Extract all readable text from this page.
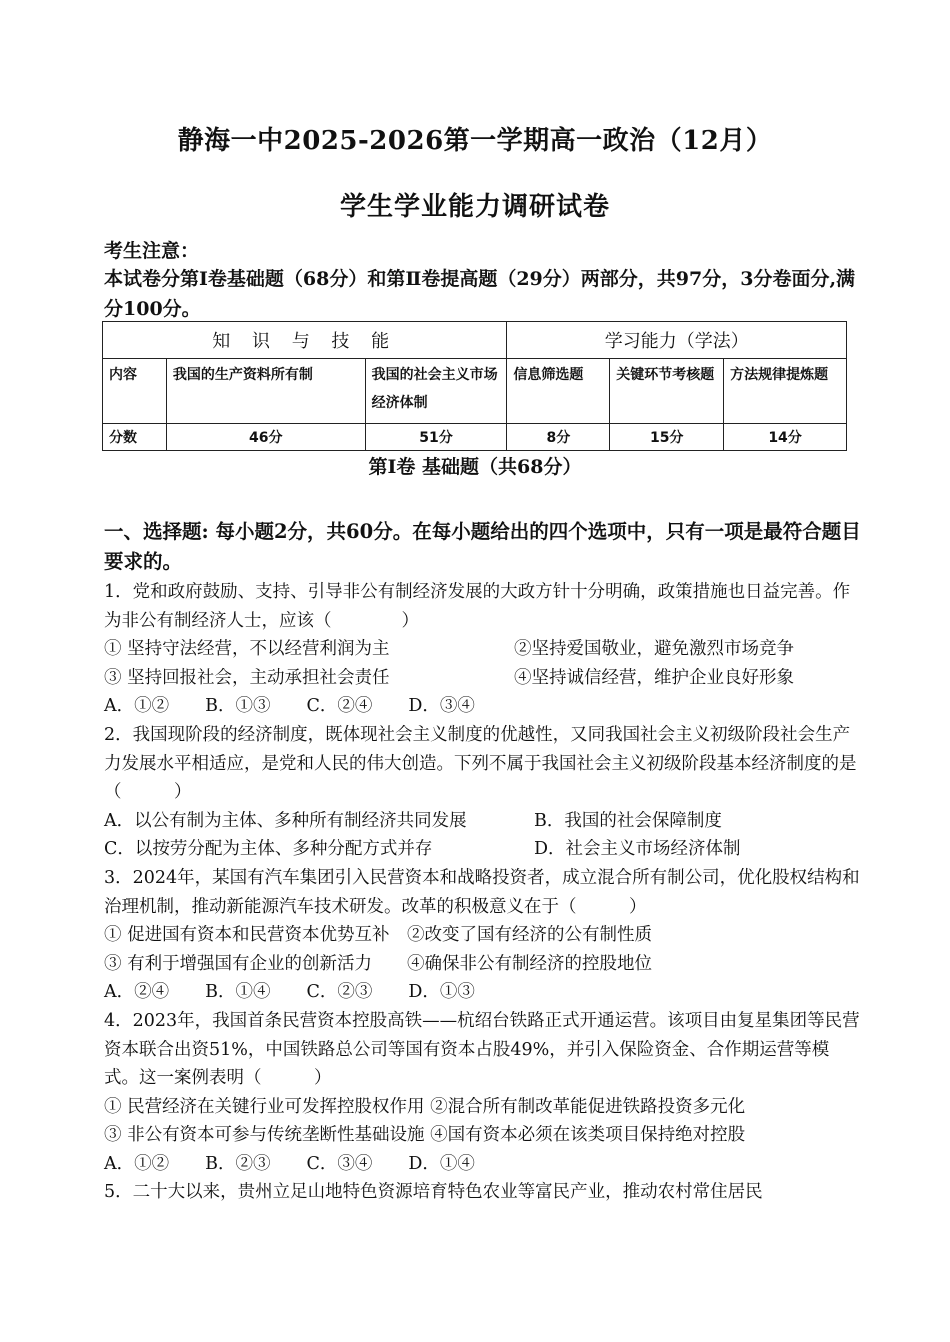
静海一中2025-2026第一学期高一政治（12月）
学生学业能力调研试卷
考生注意：
本试卷分第Ⅰ卷基础题（68分）和第Ⅱ卷提高题（29分）两部分，共97分，3分卷面分,满分100分。
知 识 与 技 能			学习能力（学法）		
内容	我国的生产资料所有制	我国的社会主义市场经济体制	信息筛选题	关键环节考核题	方法规律提炼题
分数	46分	51分	8分	15分	14分
第Ⅰ卷 基础题（共68分）
一、选择题: 每小题2分，共60分。在每小题给出的四个选项中，只有一项是最符合题目要求的。

1．党和政府鼓励、支持、引导非公有制经济发展的大政方针十分明确，政策措施也日益完善。作为非公有制经济人士，应该（　　　　）

① 坚持守法经营，不以经营利润为主	②坚持爱国敬业，避免激烈市场竞争
③ 坚持回报社会，主动承担社会责任	④坚持诚信经营，维护企业良好形象

A．①② B．①③ C．②④ D．③④

2．我国现阶段的经济制度，既体现社会主义制度的优越性，又同我国社会主义初级阶段社会生产力发展水平相适应，是党和人民的伟大创造。下列不属于我国社会主义初级阶段基本经济制度的是（　　　）

A．以公有制为主体、多种所有制经济共同发展	B．我国的社会保障制度
C．以按劳分配为主体、多种分配方式并存	D．社会主义市场经济体制

3．2024年，某国有汽车集团引入民营资本和战略投资者，成立混合所有制公司，优化股权结构和治理机制，推动新能源汽车技术研发。改革的积极意义在于（　　　）

① 促进国有资本和民营资本优势互补　②改变了国有经济的公有制性质

③ 有利于增强国有企业的创新活力　　④确保非公有制经济的控股地位

A．②④ B．①④ C．②③ D．①③

4．2023年，我国首条民营资本控股高铁——杭绍台铁路正式开通运营。该项目由复星集团等民营资本联合出资51%，中国铁路总公司等国有资本占股49%，并引入保险资金、合作期运营等模式。这一案例表明（　　　）

① 民营经济在关键行业可发挥控股权作用 ②混合所有制改革能促进铁路投资多元化

③ 非公有资本可参与传统垄断性基础设施 ④国有资本必须在该类项目保持绝对控股

A．①② B．②③ C．③④ D．①④

5．二十大以来，贵州立足山地特色资源培育特色农业等富民产业，推动农村常住居民
